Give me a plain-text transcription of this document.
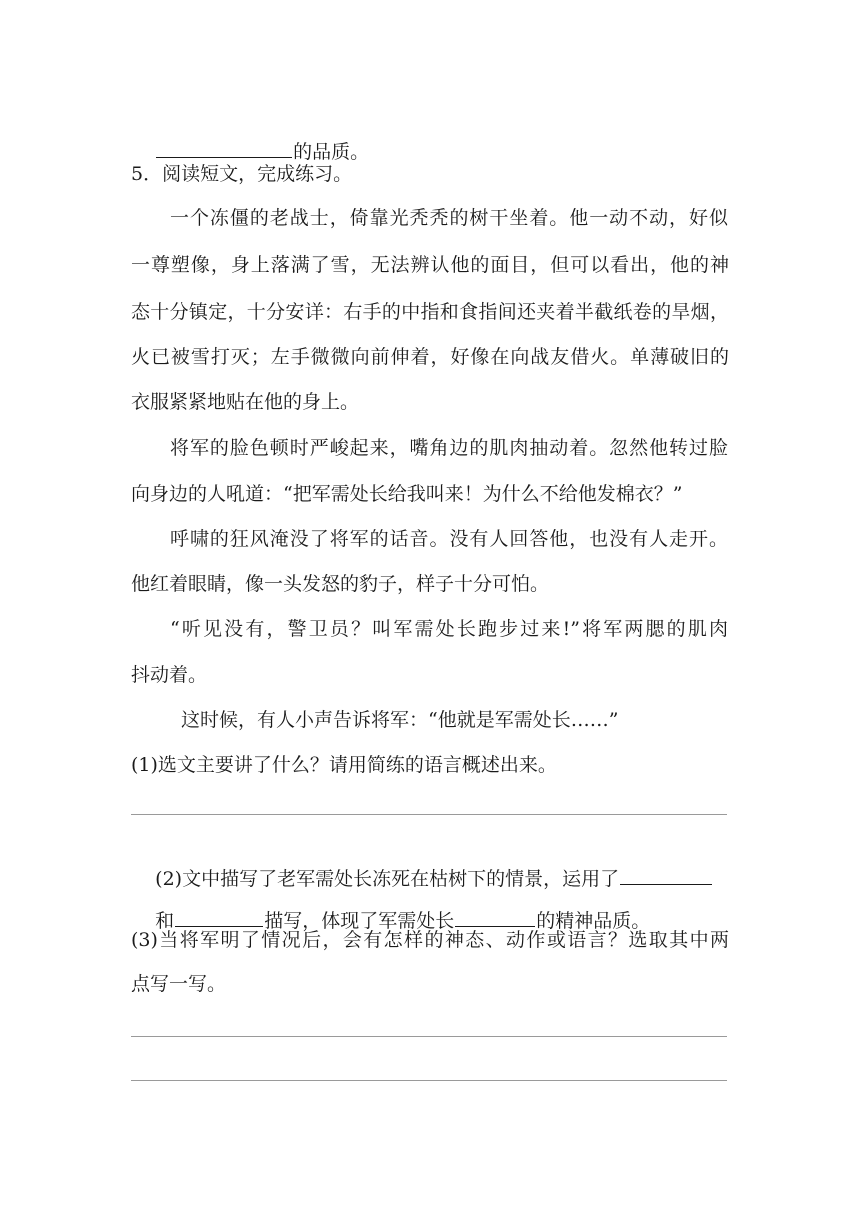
的品质。

5．阅读短文，完成练习。
一个冻僵的老战士，倚靠光秃秃的树干坐着。他一动不动，好似
一尊塑像，身上落满了雪，无法辨认他的面目，但可以看出，他的神
态十分镇定，十分安详：右手的中指和食指间还夹着半截纸卷的旱烟，
火已被雪打灭；左手微微向前伸着，好像在向战友借火。单薄破旧的
衣服紧紧地贴在他的身上。
将军的脸色顿时严峻起来，嘴角边的肌肉抽动着。忽然他转过脸
向身边的人吼道：“把军需处长给我叫来！为什么不给他发棉衣？”
呼啸的狂风淹没了将军的话音。没有人回答他，也没有人走开。
他红着眼睛，像一头发怒的豹子，样子十分可怕。
“听见没有，警卫员？叫军需处长跑步过来!”将军两腮的肌肉
抖动着。
这时候，有人小声告诉将军：“他就是军需处长……”
(1)选文主要讲了什么？请用简练的语言概述出来。

(2)文中描写了老军需处长冻死在枯树下的情景，运用了

和	描写，体现了军需处长	的精神品质。

(3)当将军明了情况后，会有怎样的神态、动作或语言？选取其中两
点写一写。
